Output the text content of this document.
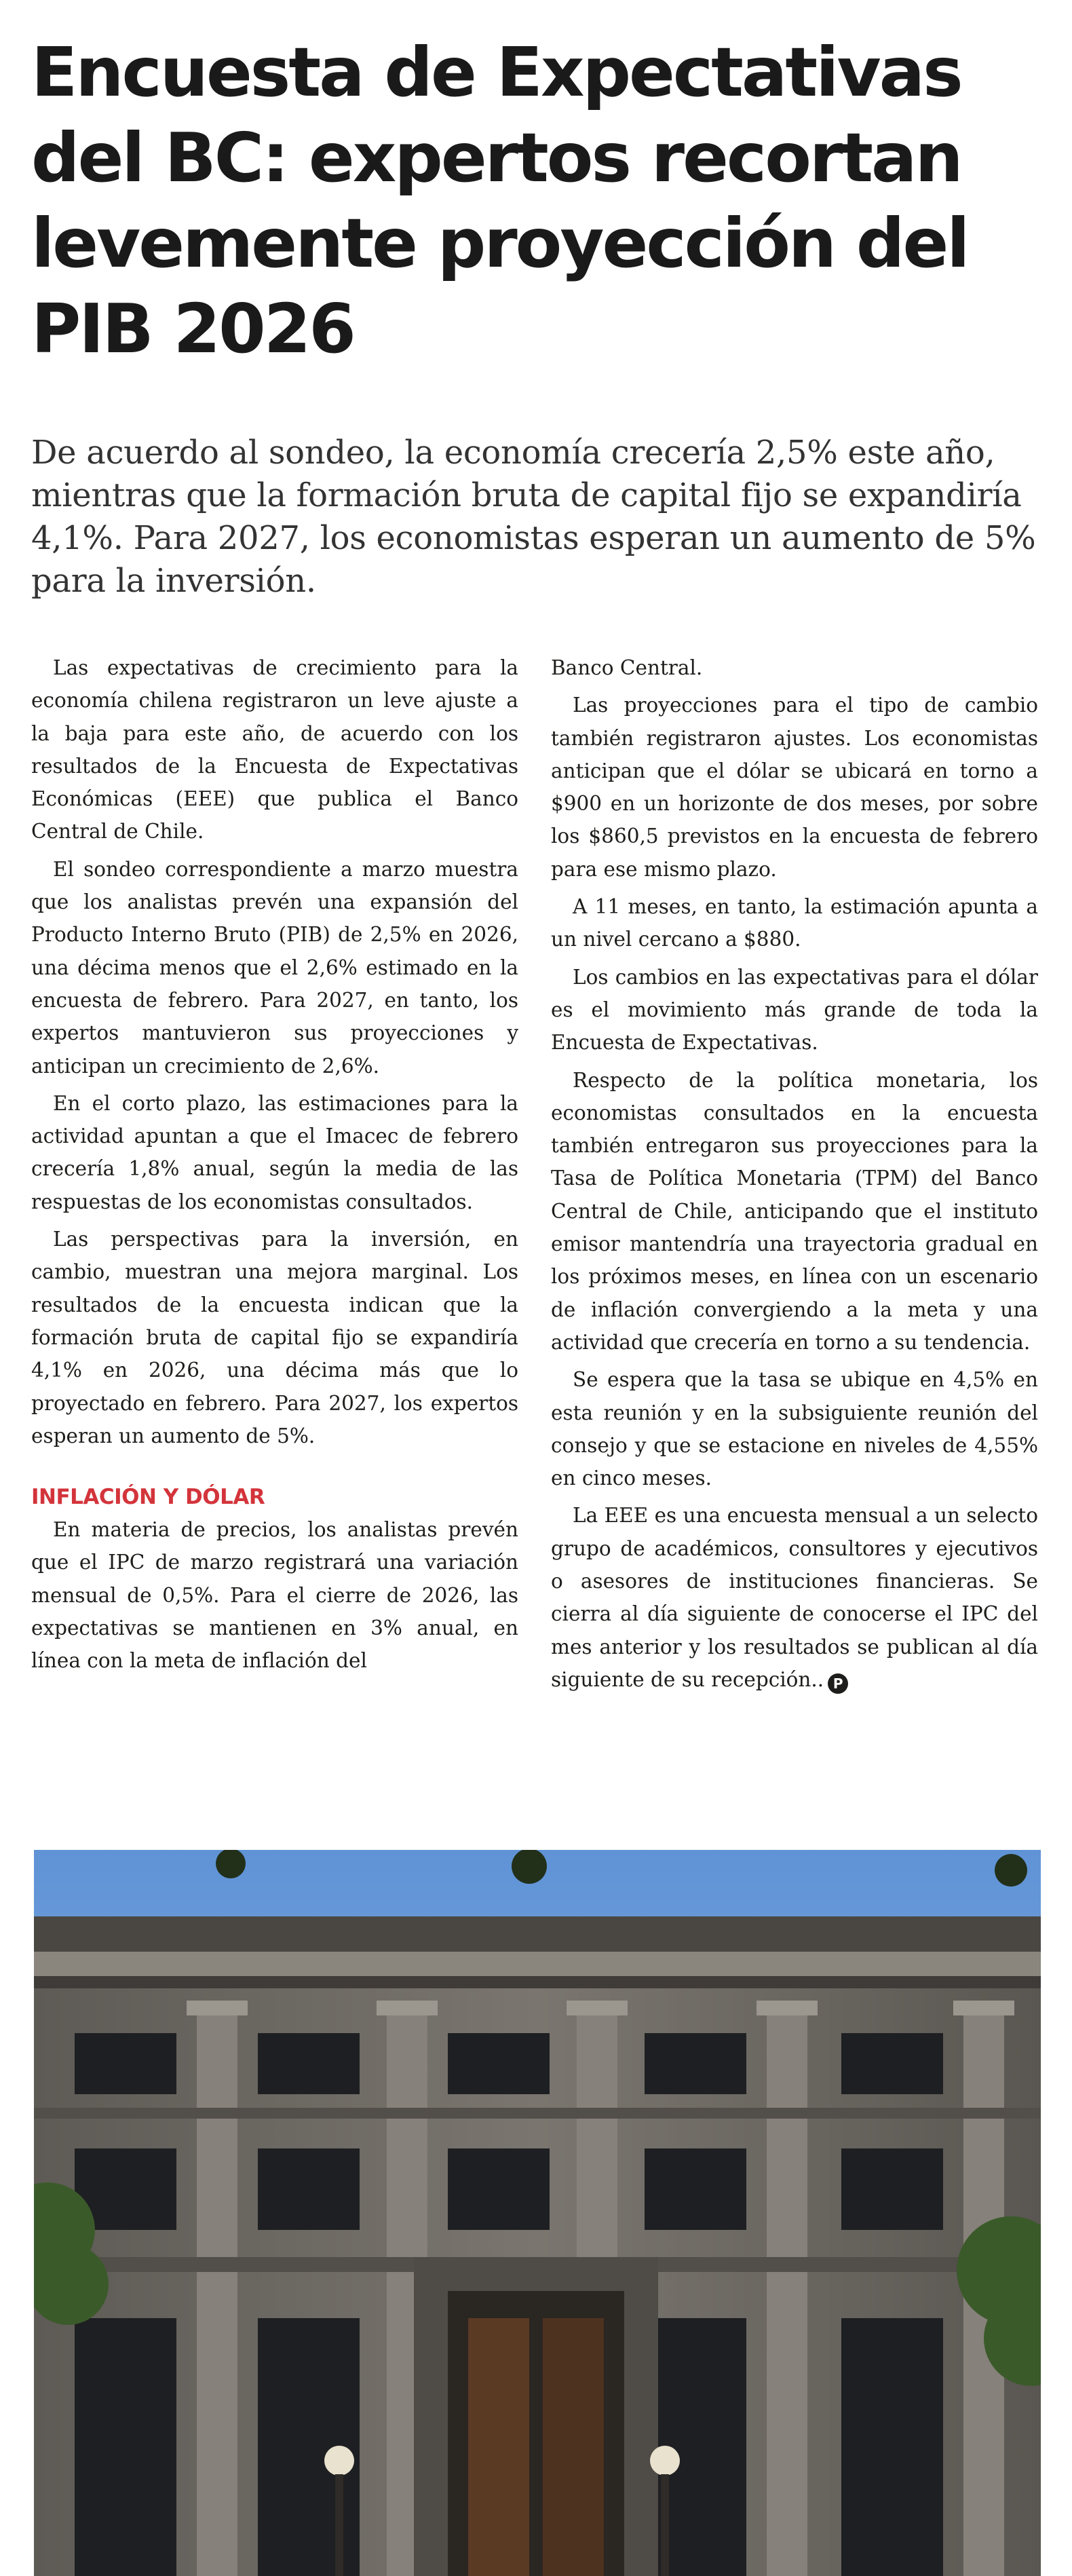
Encuesta de Expectativas del BC: expertos recortan levemente proyección del PIB 2026

De acuerdo al sondeo, la economía crecería 2,5% este año, mientras que la formación bruta de capital fijo se expandiría 4,1%. Para 2027, los economistas esperan un aumento de 5% para la inversión.

Las expectativas de crecimiento para la economía chilena registraron un leve ajuste a la baja para este año, de acuerdo con los resultados de la Encuesta de Expectativas Económicas (EEE) que publica el Banco Central de Chile.

El sondeo correspondiente a marzo muestra que los analistas prevén una expansión del Producto Interno Bruto (PIB) de 2,5% en 2026, una décima menos que el 2,6% estimado en la encuesta de febrero. Para 2027, en tanto, los expertos mantuvieron sus proyecciones y anticipan un crecimiento de 2,6%.

En el corto plazo, las estimaciones para la actividad apuntan a que el Imacec de febrero crecería 1,8% anual, según la media de las respuestas de los economistas consultados.

Las perspectivas para la inversión, en cambio, muestran una mejora marginal. Los resultados de la encuesta indican que la formación bruta de capital fijo se expandiría 4,1% en 2026, una décima más que lo proyectado en febrero. Para 2027, los expertos esperan un aumento de 5%.

INFLACIÓN Y DÓLAR

En materia de precios, los analistas prevén que el IPC de marzo registrará una variación mensual de 0,5%. Para el cierre de 2026, las expectativas se mantienen en 3% anual, en línea con la meta de inflación del

Banco Central.

Las proyecciones para el tipo de cambio también registraron ajustes. Los economistas anticipan que el dólar se ubicará en torno a $900 en un horizonte de dos meses, por sobre los $860,5 previstos en la encuesta de febrero para ese mismo plazo.

A 11 meses, en tanto, la estimación apunta a un nivel cercano a $880.

Los cambios en las expectativas para el dólar es el movimiento más grande de toda la Encuesta de Expectativas.

Respecto de la política monetaria, los economistas consultados en la encuesta también entregaron sus proyecciones para la Tasa de Política Monetaria (TPM) del Banco Central de Chile, anticipando que el instituto emisor mantendría una trayectoria gradual en los próximos meses, en línea con un escenario de inflación convergiendo a la meta y una actividad que crecería en torno a su tendencia.

Se espera que la tasa se ubique en 4,5% en esta reunión y en la subsiguiente reunión del consejo y que se estacione en niveles de 4,55% en cinco meses.

La EEE es una encuesta mensual a un selecto grupo de académicos, consultores y ejecutivos o asesores de instituciones financieras. Se cierra al día siguiente de conocerse el IPC del mes anterior y los resultados se publican al día siguiente de su recepción.. P
